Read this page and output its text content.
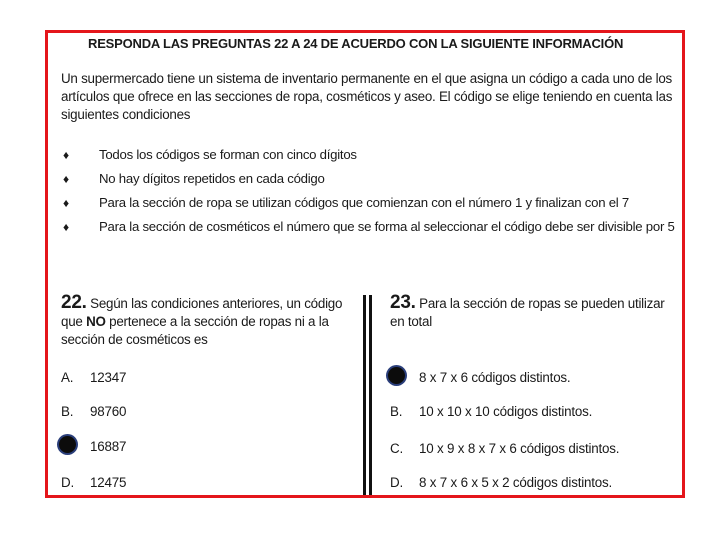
RESPONDA LAS PREGUNTAS 22 A 24 DE ACUERDO CON LA SIGUIENTE INFORMACIÓN
Un supermercado tiene un sistema de inventario permanente en el que asigna un código a cada uno de los artículos que ofrece en las secciones de ropa, cosméticos y aseo. El código se elige teniendo en cuenta las siguientes condiciones
♦ Todos los códigos se forman con cinco dígitos
♦ No hay dígitos repetidos en cada código
♦ Para la sección de ropa se utilizan códigos que comienzan con el número 1 y finalizan con el 7
♦ Para la sección de cosméticos el número que se forma al seleccionar el código debe ser divisible por 5
22. Según las condiciones anteriores, un código que NO pertenece a la sección de ropas ni a la sección de cosméticos es
A. 12347
B. 98760
16887
D. 12475
23. Para la sección de ropas se pueden utilizar en total
8 x 7 x 6 códigos distintos.
B. 10 x 10 x 10 códigos distintos.
C. 10 x 9 x 8 x 7 x 6 códigos distintos.
D. 8 x 7 x 6 x 5 x 2 códigos distintos.
